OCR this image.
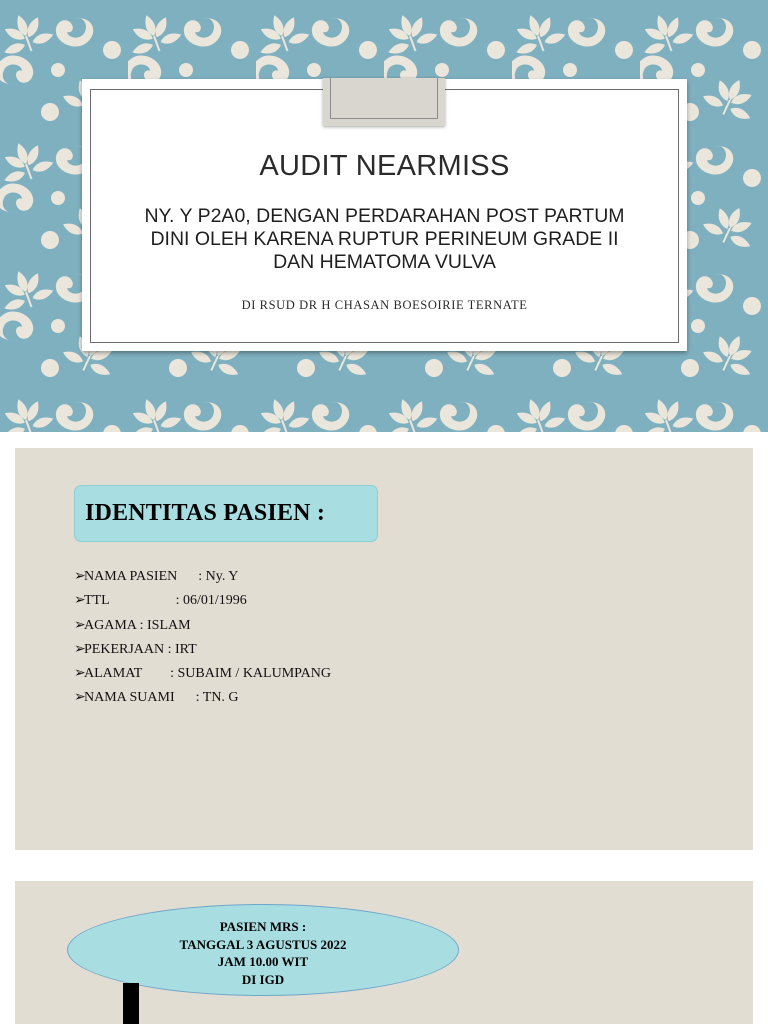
AUDIT NEARMISS
NY. Y P2A0, DENGAN PERDARAHAN POST PARTUM
DINI OLEH KARENA RUPTUR PERINEUM GRADE II
DAN HEMATOMA VULVA
DI RSUD DR H CHASAN BOESOIRIE TERNATE
IDENTITAS PASIEN :
➢NAMA PASIEN      : Ny. Y
➢TTL                   : 06/01/1996
➢AGAMA : ISLAM
➢PEKERJAAN : IRT
➢ALAMAT        : SUBAIM / KALUMPANG
➢NAMA SUAMI      : TN. G
PASIEN MRS :
TANGGAL 3 AGUSTUS 2022
JAM 10.00 WIT
DI IGD
